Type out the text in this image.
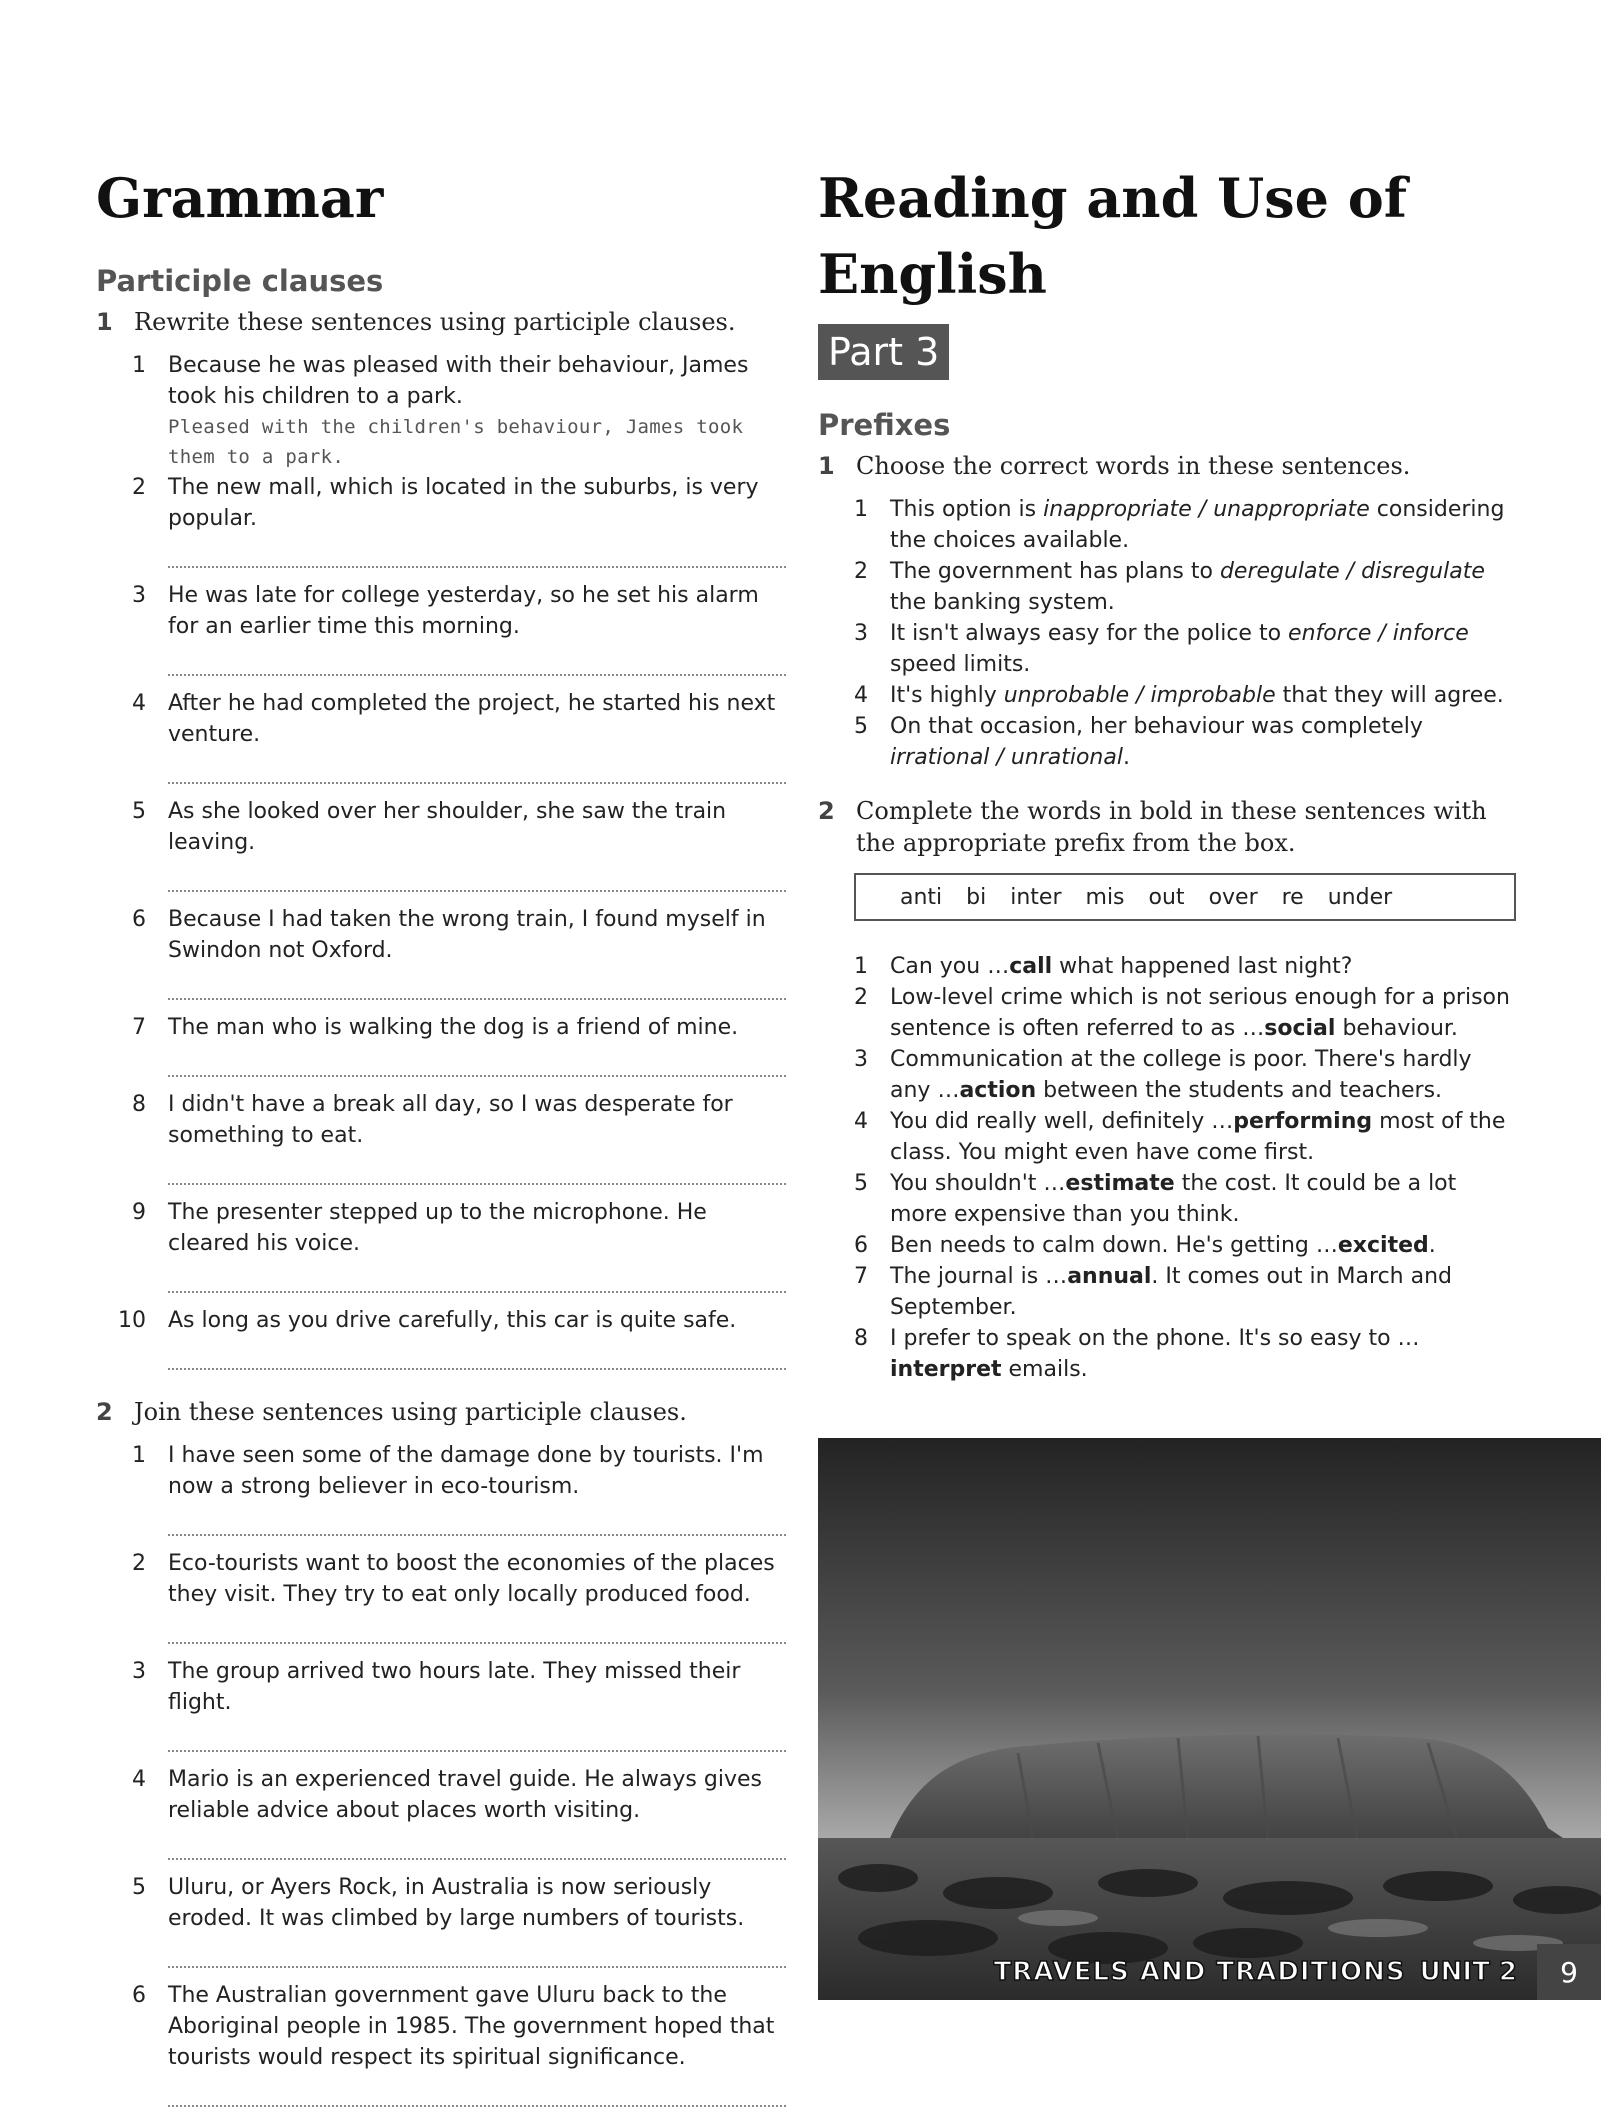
Grammar
Participle clauses
1 Rewrite these sentences using participle clauses.
1 Because he was pleased with their behaviour, James took his children to a park.
Pleased with the children's behaviour, James took them to a park.
2 The new mall, which is located in the suburbs, is very popular.
3 He was late for college yesterday, so he set his alarm for an earlier time this morning.
4 After he had completed the project, he started his next venture.
5 As she looked over her shoulder, she saw the train leaving.
6 Because I had taken the wrong train, I found myself in Swindon not Oxford.
7 The man who is walking the dog is a friend of mine.
8 I didn't have a break all day, so I was desperate for something to eat.
9 The presenter stepped up to the microphone. He cleared his voice.
10 As long as you drive carefully, this car is quite safe.
2 Join these sentences using participle clauses.
1 I have seen some of the damage done by tourists. I'm now a strong believer in eco-tourism.
2 Eco-tourists want to boost the economies of the places they visit. They try to eat only locally produced food.
3 The group arrived two hours late. They missed their flight.
4 Mario is an experienced travel guide. He always gives reliable advice about places worth visiting.
5 Uluru, or Ayers Rock, in Australia is now seriously eroded. It was climbed by large numbers of tourists.
6 The Australian government gave Uluru back to the Aboriginal people in 1985. The government hoped that tourists would respect its spiritual significance.
Reading and Use of
English
Part 3
Prefixes
1 Choose the correct words in these sentences.
1 This option is inappropriate / unappropriate considering the choices available.
2 The government has plans to deregulate / disregulate the banking system.
3 It isn't always easy for the police to enforce / inforce speed limits.
4 It's highly unprobable / improbable that they will agree.
5 On that occasion, her behaviour was completely irrational / unrational.
2 Complete the words in bold in these sentences with the appropriate prefix from the box.
anti bi inter mis out over re under
1 Can you …call what happened last night?
2 Low-level crime which is not serious enough for a prison sentence is often referred to as …social behaviour.
3 Communication at the college is poor. There's hardly any …action between the students and teachers.
4 You did really well, definitely …performing most of the class. You might even have come first.
5 You shouldn't …estimate the cost. It could be a lot more expensive than you think.
6 Ben needs to calm down. He's getting …excited.
7 The journal is …annual. It comes out in March and September.
8 I prefer to speak on the phone. It's so easy to …interpret emails.
TRAVELS AND TRADITIONS UNIT 2	9
